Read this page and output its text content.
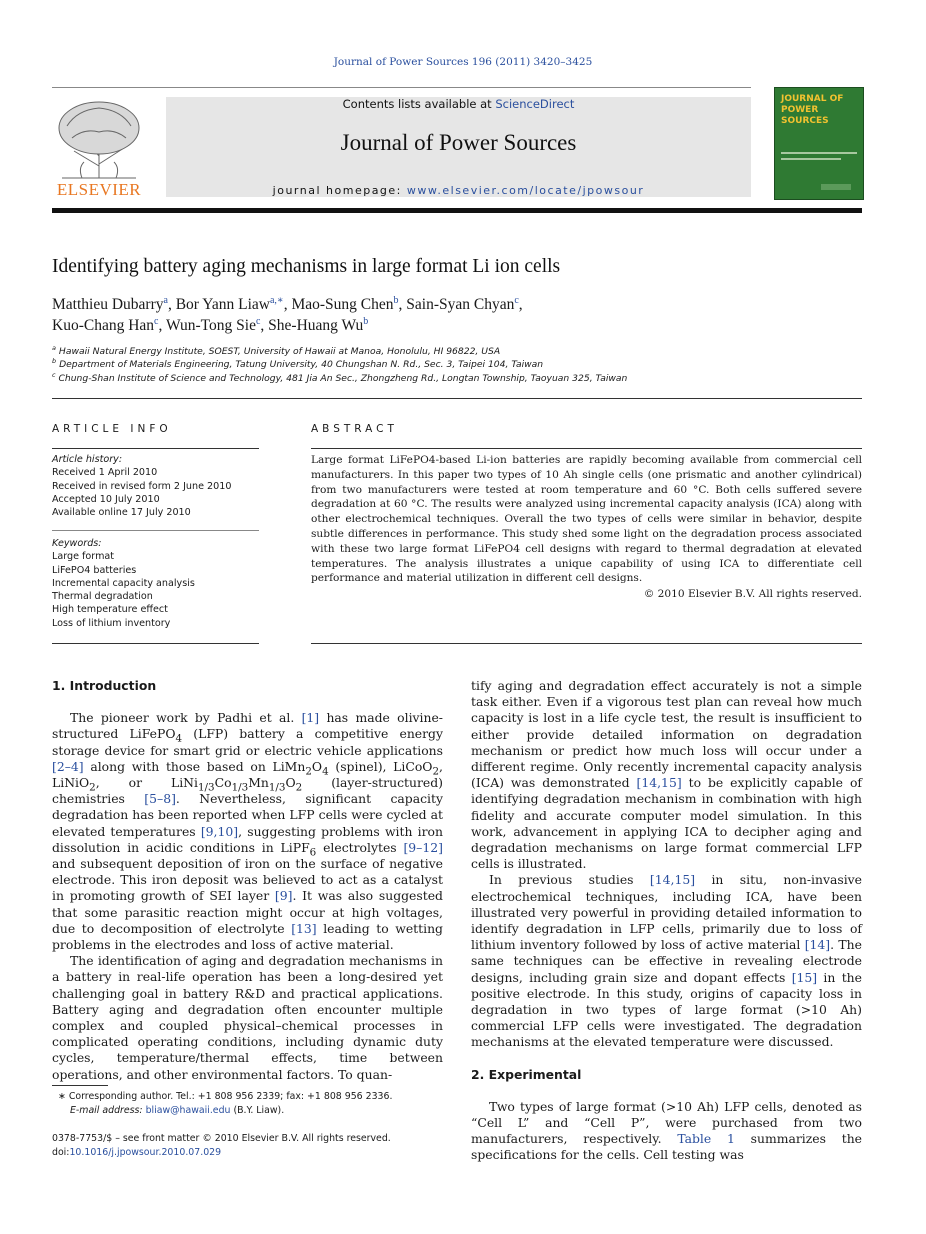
Journal of Power Sources 196 (2011) 3420–3425
ELSEVIER
Contents lists available at ScienceDirect
Journal of Power Sources
journal homepage: www.elsevier.com/locate/jpowsour
JOURNAL OF POWER SOURCES
Identifying battery aging mechanisms in large format Li ion cells
Matthieu Dubarry$^a$, Bor Yann Liaw$^{a,∗}$, Mao-Sung Chen$^b$, Sain-Syan Chyan$^c$,
Kuo-Chang Han$^c$, Wun-Tong Sie$^c$, She-Huang Wu$^b$
$^a$ Hawaii Natural Energy Institute, SOEST, University of Hawaii at Manoa, Honolulu, HI 96822, USA
$^b$ Department of Materials Engineering, Tatung University, 40 Chungshan N. Rd., Sec. 3, Taipei 104, Taiwan
$^c$ Chung-Shan Institute of Science and Technology, 481 Jia An Sec., Zhongzheng Rd., Longtan Township, Taoyuan 325, Taiwan
ARTICLE INFO
Article history:
Received 1 April 2010
Received in revised form 2 June 2010
Accepted 10 July 2010
Available online 17 July 2010
Keywords:
Large format
LiFePO4 batteries
Incremental capacity analysis
Thermal degradation
High temperature effect
Loss of lithium inventory
ABSTRACT
Large format LiFePO4-based Li-ion batteries are rapidly becoming available from commercial cell manufacturers. In this paper two types of 10 Ah single cells (one prismatic and another cylindrical) from two manufacturers were tested at room temperature and 60 °C. Both cells suffered severe degradation at 60 °C. The results were analyzed using incremental capacity analysis (ICA) along with other electrochemical techniques. Overall the two types of cells were similar in behavior, despite subtle differences in performance. This study shed some light on the degradation process associated with these two large format LiFePO4 cell designs with regard to thermal degradation at elevated temperatures. The analysis illustrates a unique capability of using ICA to differentiate cell performance and material utilization in different cell designs.
© 2010 Elsevier B.V. All rights reserved.
1. Introduction

The pioneer work by Padhi et al. [1] has made olivine-structured LiFePO$_4$ (LFP) battery a competitive energy storage device for smart grid or electric vehicle applications [2–4] along with those based on $LiMn_2O_4$ (spinel), LiCoO$_2$, LiNiO$_2$, or $LiNi_{1/3}Co_{1/3}Mn_{1/3}O_2$ (layer-structured) chemistries [5–8]. Nevertheless, significant capacity degradation has been reported when LFP cells were cycled at elevated temperatures [9,10], suggesting problems with iron dissolution in acidic conditions in LiPF$_6$ electrolytes [9–12] and subsequent deposition of iron on the surface of negative electrode. This iron deposit was believed to act as a catalyst in promoting growth of SEI layer [9]. It was also suggested that some parasitic reaction might occur at high voltages, due to decomposition of electrolyte [13] leading to wetting problems in the electrodes and loss of active material.

The identification of aging and degradation mechanisms in a battery in real-life operation has been a long-desired yet challenging goal in battery R&D and practical applications. Battery aging and degradation often encounter multiple complex and coupled physical–chemical processes in complicated operating conditions, including dynamic duty cycles, temperature/thermal effects, time between operations, and other environmental factors. To quan-

tify aging and degradation effect accurately is not a simple task either. Even if a vigorous test plan can reveal how much capacity is lost in a life cycle test, the result is insufficient to either provide detailed information on degradation mechanism or predict how much loss will occur under a different regime. Only recently incremental capacity analysis (ICA) was demonstrated [14,15] to be explicitly capable of identifying degradation mechanism in combination with high fidelity and accurate computer model simulation. In this work, advancement in applying ICA to decipher aging and degradation mechanisms on large format commercial LFP cells is illustrated.

In previous studies [14,15] in situ, non-invasive electrochemical techniques, including ICA, have been illustrated very powerful in providing detailed information to identify degradation in LFP cells, primarily due to loss of lithium inventory followed by loss of active material [14]. The same techniques can be effective in revealing electrode designs, including grain size and dopant effects [15] in the positive electrode. In this study, origins of capacity loss in degradation in two types of large format (>10 Ah) commercial LFP cells were investigated. The degradation mechanisms at the elevated temperature were discussed.

2. Experimental

Two types of large format (>10 Ah) LFP cells, denoted as “Cell L” and “Cell P”, were purchased from two manufacturers, respectively. Table 1 summarizes the specifications for the cells. Cell testing was

∗ Corresponding author. Tel.: +1 808 956 2339; fax: +1 808 956 2336.
E-mail address: bliaw@hawaii.edu (B.Y. Liaw).
0378-7753/$ – see front matter © 2010 Elsevier B.V. All rights reserved.
doi:10.1016/j.jpowsour.2010.07.029
